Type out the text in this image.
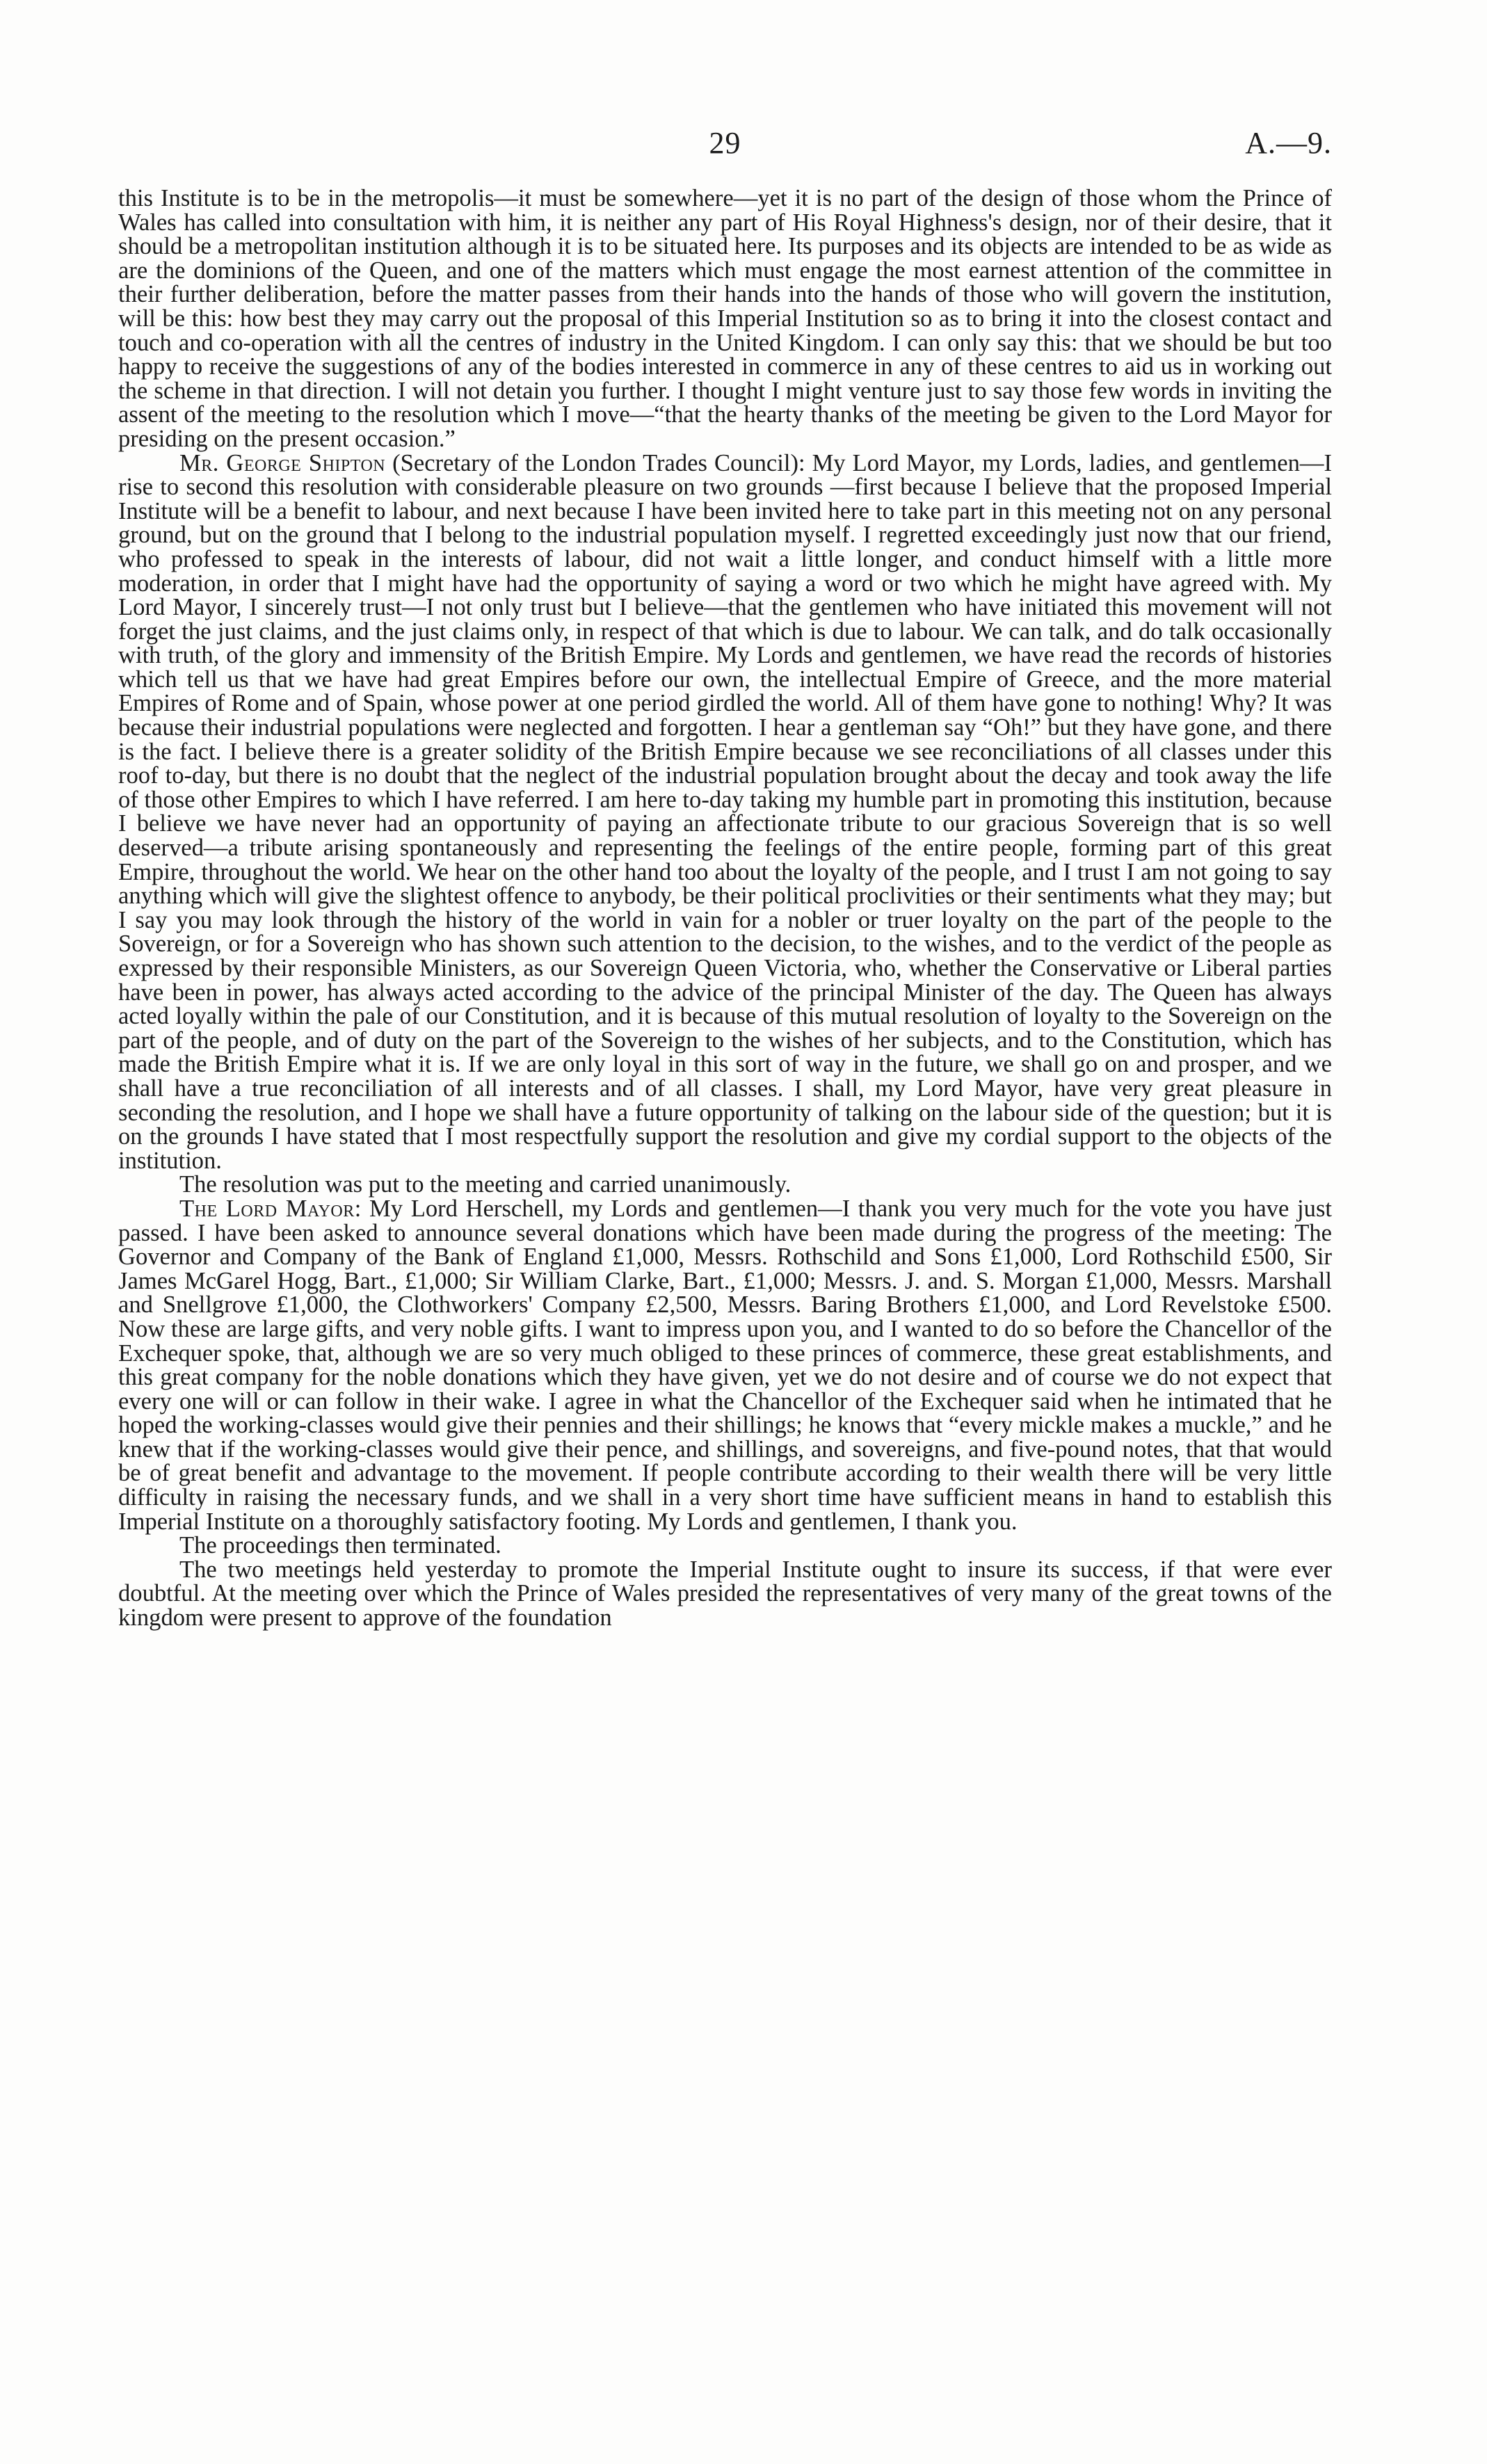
29	A.—9.

this Institute is to be in the metropolis—it must be somewhere—yet it is no part of the design of those whom the Prince of Wales has called into consultation with him, it is neither any part of His Royal Highness's design, nor of their desire, that it should be a metropolitan institution although it is to be situated here. Its purposes and its objects are intended to be as wide as are the dominions of the Queen, and one of the matters which must engage the most earnest attention of the committee in their further deliberation, before the matter passes from their hands into the hands of those who will govern the institution, will be this: how best they may carry out the proposal of this Imperial Institution so as to bring it into the closest contact and touch and co-operation with all the centres of industry in the United Kingdom. I can only say this: that we should be but too happy to receive the suggestions of any of the bodies interested in commerce in any of these centres to aid us in working out the scheme in that direction. I will not detain you further. I thought I might venture just to say those few words in inviting the assent of the meeting to the resolution which I move—“that the hearty thanks of the meeting be given to the Lord Mayor for presiding on the present occasion.”

Mr. George Shipton (Secretary of the London Trades Council): My Lord Mayor, my Lords, ladies, and gentlemen—I rise to second this resolution with considerable pleasure on two grounds —first because I believe that the proposed Imperial Institute will be a benefit to labour, and next because I have been invited here to take part in this meeting not on any personal ground, but on the ground that I belong to the industrial population myself. I regretted exceedingly just now that our friend, who professed to speak in the interests of labour, did not wait a little longer, and conduct himself with a little more moderation, in order that I might have had the opportunity of saying a word or two which he might have agreed with. My Lord Mayor, I sincerely trust—I not only trust but I believe—that the gentlemen who have initiated this movement will not forget the just claims, and the just claims only, in respect of that which is due to labour. We can talk, and do talk occasionally with truth, of the glory and immensity of the British Empire. My Lords and gentlemen, we have read the records of histories which tell us that we have had great Empires before our own, the intellectual Empire of Greece, and the more material Empires of Rome and of Spain, whose power at one period girdled the world. All of them have gone to nothing! Why? It was because their industrial populations were neglected and forgotten. I hear a gentleman say “Oh!” but they have gone, and there is the fact. I believe there is a greater solidity of the British Empire because we see reconciliations of all classes under this roof to-day, but there is no doubt that the neglect of the industrial population brought about the decay and took away the life of those other Empires to which I have referred. I am here to-day taking my humble part in promoting this institution, because I believe we have never had an opportunity of paying an affectionate tribute to our gracious Sovereign that is so well deserved—a tribute arising spontaneously and representing the feelings of the entire people, forming part of this great Empire, throughout the world. We hear on the other hand too about the loyalty of the people, and I trust I am not going to say anything which will give the slightest offence to anybody, be their political proclivities or their sentiments what they may; but I say you may look through the history of the world in vain for a nobler or truer loyalty on the part of the people to the Sovereign, or for a Sovereign who has shown such attention to the decision, to the wishes, and to the verdict of the people as expressed by their responsible Ministers, as our Sovereign Queen Victoria, who, whether the Conservative or Liberal parties have been in power, has always acted according to the advice of the principal Minister of the day. The Queen has always acted loyally within the pale of our Constitution, and it is because of this mutual resolution of loyalty to the Sovereign on the part of the people, and of duty on the part of the Sovereign to the wishes of her subjects, and to the Constitution, which has made the British Empire what it is. If we are only loyal in this sort of way in the future, we shall go on and prosper, and we shall have a true reconciliation of all interests and of all classes. I shall, my Lord Mayor, have very great pleasure in seconding the resolution, and I hope we shall have a future opportunity of talking on the labour side of the question; but it is on the grounds I have stated that I most respectfully support the resolution and give my cordial support to the objects of the institution.

The resolution was put to the meeting and carried unanimously.

The Lord Mayor: My Lord Herschell, my Lords and gentlemen—I thank you very much for the vote you have just passed. I have been asked to announce several donations which have been made during the progress of the meeting: The Governor and Company of the Bank of England £1,000, Messrs. Rothschild and Sons £1,000, Lord Rothschild £500, Sir James McGarel Hogg, Bart., £1,000; Sir William Clarke, Bart., £1,000; Messrs. J. and. S. Morgan £1,000, Messrs. Marshall and Snellgrove £1,000, the Clothworkers' Company £2,500, Messrs. Baring Brothers £1,000, and Lord Revelstoke £500. Now these are large gifts, and very noble gifts. I want to impress upon you, and I wanted to do so before the Chancellor of the Exchequer spoke, that, although we are so very much obliged to these princes of commerce, these great establishments, and this great company for the noble donations which they have given, yet we do not desire and of course we do not expect that every one will or can follow in their wake. I agree in what the Chancellor of the Exchequer said when he intimated that he hoped the working-classes would give their pennies and their shillings; he knows that “every mickle makes a muckle,” and he knew that if the working-classes would give their pence, and shillings, and sovereigns, and five-pound notes, that that would be of great benefit and advantage to the movement. If people contribute according to their wealth there will be very little difficulty in raising the necessary funds, and we shall in a very short time have sufficient means in hand to establish this Imperial Institute on a thoroughly satisfactory footing. My Lords and gentlemen, I thank you.

The proceedings then terminated.

The two meetings held yesterday to promote the Imperial Institute ought to insure its success, if that were ever doubtful. At the meeting over which the Prince of Wales presided the representatives of very many of the great towns of the kingdom were present to approve of the foundation
